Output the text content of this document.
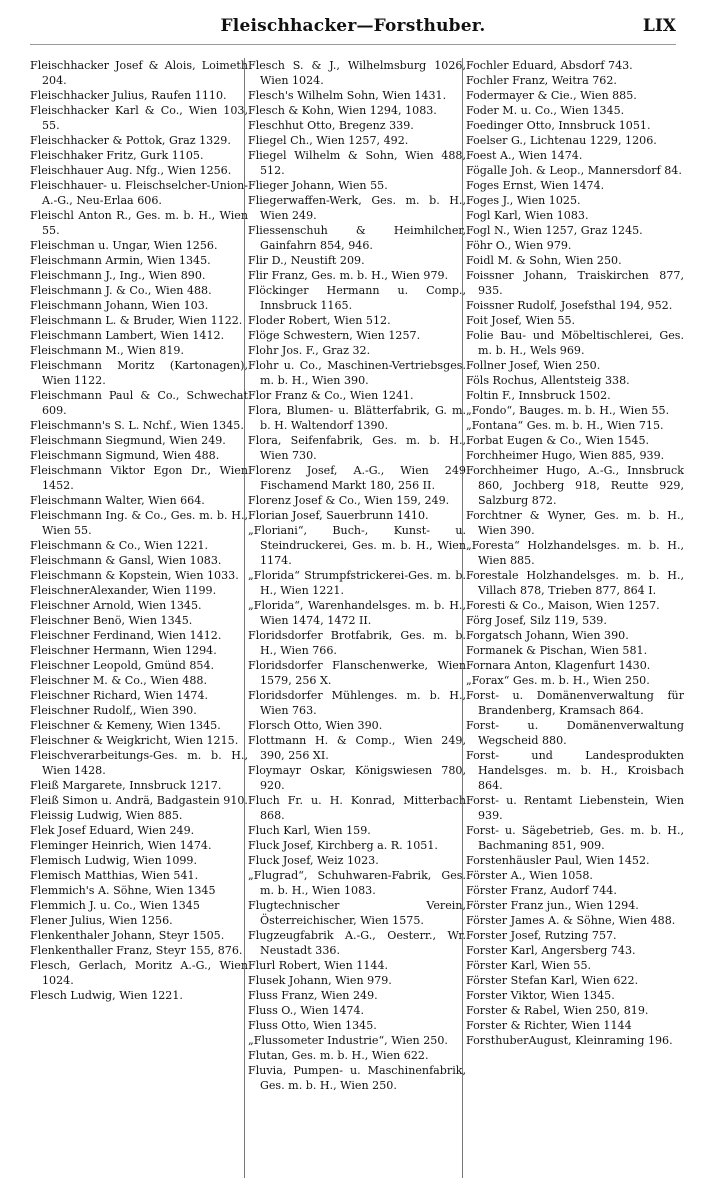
Fleischhacker—Forsthuber.	LIX
Fleischhacker Josef & Alois, Loimeth 204.
Fleischhacker Julius, Raufen 1110.
Fleischhacker Karl & Co., Wien 103, 55.
Fleischhacker & Pottok, Graz 1329.
Fleischhaker Fritz, Gurk 1105.
Fleischhauer Aug. Nfg., Wien 1256.
Fleischhauer- u. Fleischselcher-Union-A.-G., Neu-Erlaa 606.
Fleischl Anton R., Ges. m. b. H., Wien 55.
Fleischman u. Ungar, Wien 1256.
Fleischmann Armin, Wien 1345.
Fleischmann J., Ing., Wien 890.
Fleischmann J. & Co., Wien 488.
Fleischmann Johann, Wien 103.
Fleischmann L. & Bruder, Wien 1122.
Fleischmann Lambert, Wien 1412.
Fleischmann M., Wien 819.
Fleischmann Moritz (Kartonagen), Wien 1122.
Fleischmann Paul & Co., Schwechat 609.
Fleischmann's S. L. Nchf., Wien 1345.
Fleischmann Siegmund, Wien 249.
Fleischmann Sigmund, Wien 488.
Fleischmann Viktor Egon Dr., Wien 1452.
Fleischmann Walter, Wien 664.
Fleischmann Ing. & Co., Ges. m. b. H., Wien 55.
Fleischmann & Co., Wien 1221.
Fleischmann & Gansl, Wien 1083.
Fleischmann & Kopstein, Wien 1033.
FleischnerAlexander, Wien 1199.
Fleischner Arnold, Wien 1345.
Fleischner Benö, Wien 1345.
Fleischner Ferdinand, Wien 1412.
Fleischner Hermann, Wien 1294.
Fleischner Leopold, Gmünd 854.
Fleischner M. & Co., Wien 488.
Fleischner Richard, Wien 1474.
Fleischner Rudolf,, Wien 390.
Fleischner & Kemeny, Wien 1345.
Fleischner & Weigkricht, Wien 1215.
Fleischverarbeitungs-Ges. m. b. H., Wien 1428.
Fleiß Margarete, Innsbruck 1217.
Fleiß Simon u. Andrä, Badgastein 910.
Fleissig Ludwig, Wien 885.
Flek Josef Eduard, Wien 249.
Fleminger Heinrich, Wien 1474.
Flemisch Ludwig, Wien 1099.
Flemisch Matthias, Wien 541.
Flemmich's A. Söhne, Wien 1345
Flemmich J. u. Co., Wien 1345
Flener Julius, Wien 1256.
Flenkenthaler Johann, Steyr 1505.
Flenkenthaller Franz, Steyr 155, 876.
Flesch, Gerlach, Moritz A.-G., Wien 1024.
Flesch Ludwig, Wien 1221.
Flesch S. & J., Wilhelmsburg 1026, Wien 1024.
Flesch's Wilhelm Sohn, Wien 1431.
Flesch & Kohn, Wien 1294, 1083.
Fleschhut Otto, Bregenz 339.
Fliegel Ch., Wien 1257, 492.
Fliegel Wilhelm & Sohn, Wien 488, 512.
Flieger Johann, Wien 55.
Fliegerwaffen-Werk, Ges. m. b. H., Wien 249.
Fliessenschuh & Heimhilcher, Gainfahrn 854, 946.
Flir D., Neustift 209.
Flir Franz, Ges. m. b. H., Wien 979.
Flöckinger Hermann u. Comp., Innsbruck 1165.
Floder Robert, Wien 512.
Flöge Schwestern, Wien 1257.
Flohr Jos. F., Graz 32.
Flohr u. Co., Maschinen-Vertriebsges. m. b. H., Wien 390.
Flor Franz & Co., Wien 1241.
Flora, Blumen- u. Blätterfabrik, G. m. b. H. Waltendorf 1390.
Flora, Seifenfabrik, Ges. m. b. H., Wien 730.
Florenz Josef, A.-G., Wien 249 Fischamend Markt 180, 256 II.
Florenz Josef & Co., Wien 159, 249.
Florian Josef, Sauerbrunn 1410.
„Floriani“, Buch-, Kunst- u. Steindruckerei, Ges. m. b. H., Wien 1174.
„Florida“ Strumpfstrickerei-Ges. m. b. H., Wien 1221.
„Florida“, Warenhandelsges. m. b. H., Wien 1474, 1472 II.
Floridsdorfer Brotfabrik, Ges. m. b. H., Wien 766.
Floridsdorfer Flanschenwerke, Wien 1579, 256 X.
Floridsdorfer Mühlenges. m. b. H., Wien 763.
Florsch Otto, Wien 390.
Flottmann H. & Comp., Wien 249, 390, 256 XI.
Floymayr Oskar, Königswiesen 780, 920.
Fluch Fr. u. H. Konrad, Mitterbach 868.
Fluch Karl, Wien 159.
Fluck Josef, Kirchberg a. R. 1051.
Fluck Josef, Weiz 1023.
„Flugrad“, Schuhwaren-Fabrik, Ges. m. b. H., Wien 1083.
Flugtechnischer Verein, Österreichischer, Wien 1575.
Flugzeugfabrik A.-G., Oesterr., Wr. Neustadt 336.
Flurl Robert, Wien 1144.
Flusek Johann, Wien 979.
Fluss Franz, Wien 249.
Fluss O., Wien 1474.
Fluss Otto, Wien 1345.
„Flussometer Industrie“, Wien 250.
Flutan, Ges. m. b. H., Wien 622.
Fluvia, Pumpen- u. Maschinenfabrik, Ges. m. b. H., Wien 250.
Fochler Eduard, Absdorf 743.
Fochler Franz, Weitra 762.
Fodermayer & Cie., Wien 885.
Foder M. u. Co., Wien 1345.
Foedinger Otto, Innsbruck 1051.
Foelser G., Lichtenau 1229, 1206.
Foest A., Wien 1474.
Fögalle Joh. & Leop., Mannersdorf 84.
Foges Ernst, Wien 1474.
Foges J., Wien 1025.
Fogl Karl, Wien 1083.
Fogl N., Wien 1257, Graz 1245.
Föhr O., Wien 979.
Foidl M. & Sohn, Wien 250.
Foissner Johann, Traiskirchen 877, 935.
Foissner Rudolf, Josefsthal 194, 952.
Foit Josef, Wien 55.
Folie Bau- und Möbeltischlerei, Ges. m. b. H., Wels 969.
Follner Josef, Wien 250.
Föls Rochus, Allentsteig 338.
Foltin F., Innsbruck 1502.
„Fondo“, Bauges. m. b. H., Wien 55.
„Fontana“ Ges. m. b. H., Wien 715.
Forbat Eugen & Co., Wien 1545.
Forchheimer Hugo, Wien 885, 939.
Forchheimer Hugo, A.-G., Innsbruck 860, Jochberg 918, Reutte 929, Salzburg 872.
Forchtner & Wyner, Ges. m. b. H., Wien 390.
„Foresta“ Holzhandelsges. m. b. H., Wien 885.
Forestale Holzhandelsges. m. b. H., Villach 878, Trieben 877, 864 I.
Foresti & Co., Maison, Wien 1257.
Förg Josef, Silz 119, 539.
Forgatsch Johann, Wien 390.
Formanek & Pischan, Wien 581.
Fornara Anton, Klagenfurt 1430.
„Forax“ Ges. m. b. H., Wien 250.
Forst- u. Domänenverwaltung für Brandenberg, Kramsach 864.
Forst- u. Domänenverwaltung Wegscheid 880.
Forst- und Landesprodukten Handelsges. m. b. H., Kroisbach 864.
Forst- u. Rentamt Liebenstein, Wien 939.
Forst- u. Sägebetrieb, Ges. m. b. H., Bachmaning 851, 909.
Forstenhäusler Paul, Wien 1452.
Förster A., Wien 1058.
Förster Franz, Audorf 744.
Förster Franz jun., Wien 1294.
Förster James A. & Söhne, Wien 488.
Forster Josef, Rutzing 757.
Forster Karl, Angersberg 743.
Förster Karl, Wien 55.
Förster Stefan Karl, Wien 622.
Forster Viktor, Wien 1345.
Forster & Rabel, Wien 250, 819.
Forster & Richter, Wien 1144
ForsthuberAugust, Kleinraming 196.
